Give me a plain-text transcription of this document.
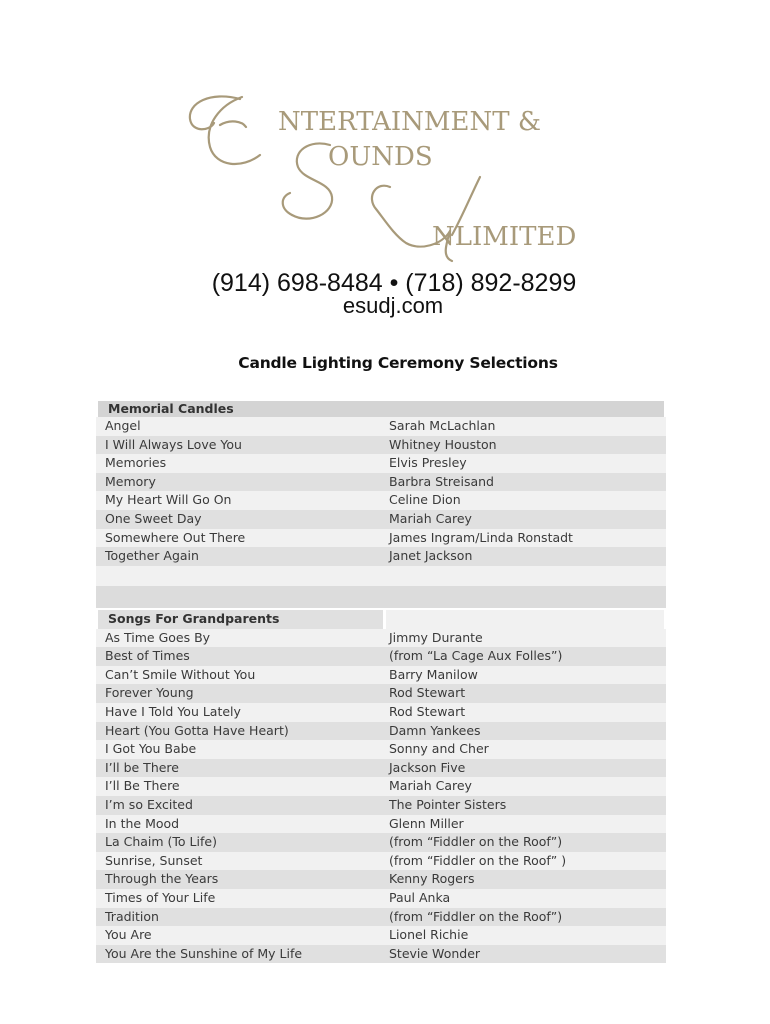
NTERTAINMENT &
OUNDS
NLIMITED
(914) 698-8484 • (718) 892-8299
esudj.com
Candle Lighting Ceremony Selections
Memorial Candles
Angel	Sarah McLachlan
I Will Always Love You	Whitney Houston
Memories	Elvis Presley
Memory	Barbra Streisand
My Heart Will Go On	Celine Dion
One Sweet Day	Mariah Carey
Somewhere Out There	James Ingram/Linda Ronstadt
Together Again	Janet Jackson
Songs For Grandparents
As Time Goes By	Jimmy Durante
Best of Times	(from “La Cage Aux Folles”)
Can’t Smile Without You	Barry Manilow
Forever Young	Rod Stewart
Have I Told You Lately	Rod Stewart
Heart (You Gotta Have Heart)	Damn Yankees
I Got You Babe	Sonny and Cher
I’ll be There	Jackson Five
I’ll Be There	Mariah Carey
I’m so Excited	The Pointer Sisters
In the Mood	Glenn Miller
La Chaim (To Life)	(from “Fiddler on the Roof”)
Sunrise, Sunset	(from “Fiddler on the Roof” )
Through the Years	Kenny Rogers
Times of Your Life	Paul Anka
Tradition	(from “Fiddler on the Roof”)
You Are	Lionel Richie
You Are the Sunshine of My Life	Stevie Wonder
